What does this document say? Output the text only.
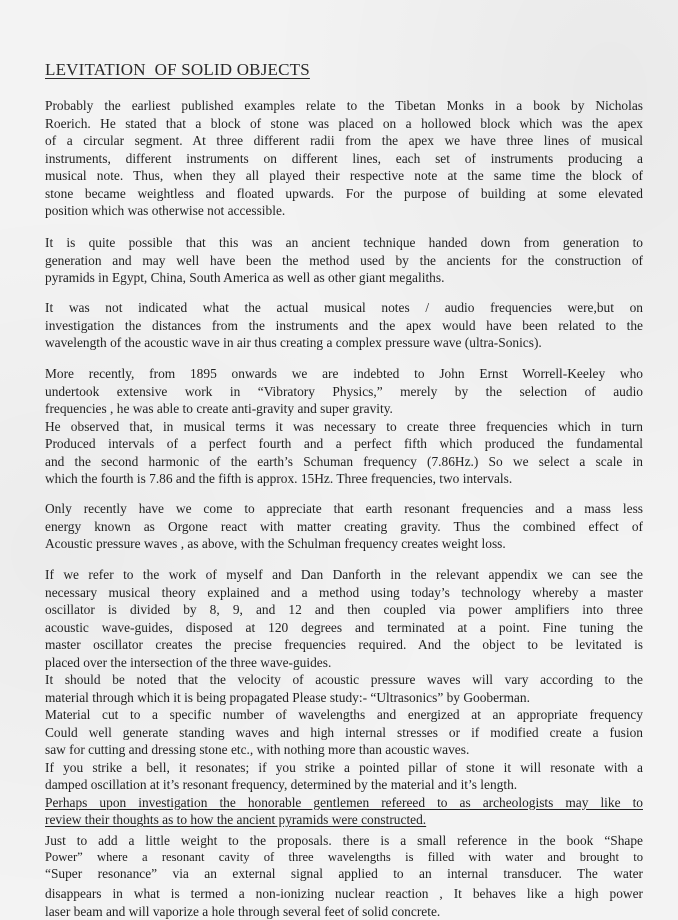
LEVITATION  OF SOLID OBJECTS
Probably the earliest published examples relate to the Tibetan Monks in a book by Nicholas
Roerich. He stated that a block of stone was placed on a hollowed block which was the apex
of a circular segment. At three different radii from the apex we have three lines of musical
instruments, different instruments on different lines, each set of instruments producing a
musical note. Thus, when they all played their respective note at the same time the block of
stone became weightless and floated upwards. For the purpose of building at some elevated
position which was otherwise not accessible.
It is quite possible that this was an ancient technique handed down from generation to
generation and may well have been the method used by the ancients for the construction of
pyramids in Egypt, China, South America as well as other giant megaliths.
It was not indicated what the actual musical notes / audio frequencies were,but on
investigation the distances from the instruments and the apex would have been related to the
wavelength of the acoustic wave in air thus creating a complex pressure wave (ultra-Sonics).
More recently, from 1895 onwards we are indebted to John Ernst Worrell-Keeley who
undertook extensive work in “Vibratory Physics,” merely by the selection of audio
frequencies , he was able to create anti-gravity and super gravity.
He observed that, in musical terms it was necessary to create three frequencies which in turn
Produced intervals of a perfect fourth and a perfect fifth which produced the fundamental
and the second harmonic of the earth’s Schuman frequency (7.86Hz.) So we select a scale in
which the fourth is 7.86 and the fifth is approx. 15Hz. Three frequencies, two intervals.
Only recently have we come to appreciate that earth resonant frequencies and a mass less
energy known as Orgone react with matter creating gravity. Thus the combined effect of
Acoustic pressure waves , as above, with the Schulman frequency creates weight loss.
If we refer to the work of myself and Dan Danforth in the relevant appendix we can see the
necessary musical theory explained and a method using today’s technology whereby a master
oscillator is divided by 8, 9, and 12 and then coupled via power amplifiers into three
acoustic wave-guides, disposed at 120 degrees and terminated at a point. Fine tuning the
master oscillator creates the precise frequencies required. And the object to be levitated is
placed over the intersection of the three wave-guides.
It should be noted that the velocity of acoustic pressure waves will vary according to the
material through which it is being propagated Please study:- “Ultrasonics” by Gooberman.
Material cut to a specific number of wavelengths and energized at an appropriate frequency
Could well generate standing waves and high internal stresses or if modified create a fusion
saw for cutting and dressing stone etc., with nothing more than acoustic waves.
If you strike a bell, it resonates; if you strike a pointed pillar of stone it will resonate with a
damped oscillation at it’s resonant frequency, determined by the material and it’s length.
Perhaps upon investigation the honorable gentlemen refereed to as archeologists may like to
review their thoughts as to how the ancient pyramids were constructed.
Just to add a little weight to the proposals. there is a small reference in the book “Shape
Power” where a resonant cavity of three wavelengths is filled with water and brought to
“Super resonance” via an external signal applied to an internal transducer. The water
disappears in what is termed a non-ionizing nuclear reaction , It behaves like a high power
laser beam and will vaporize a hole through several feet of solid concrete.
